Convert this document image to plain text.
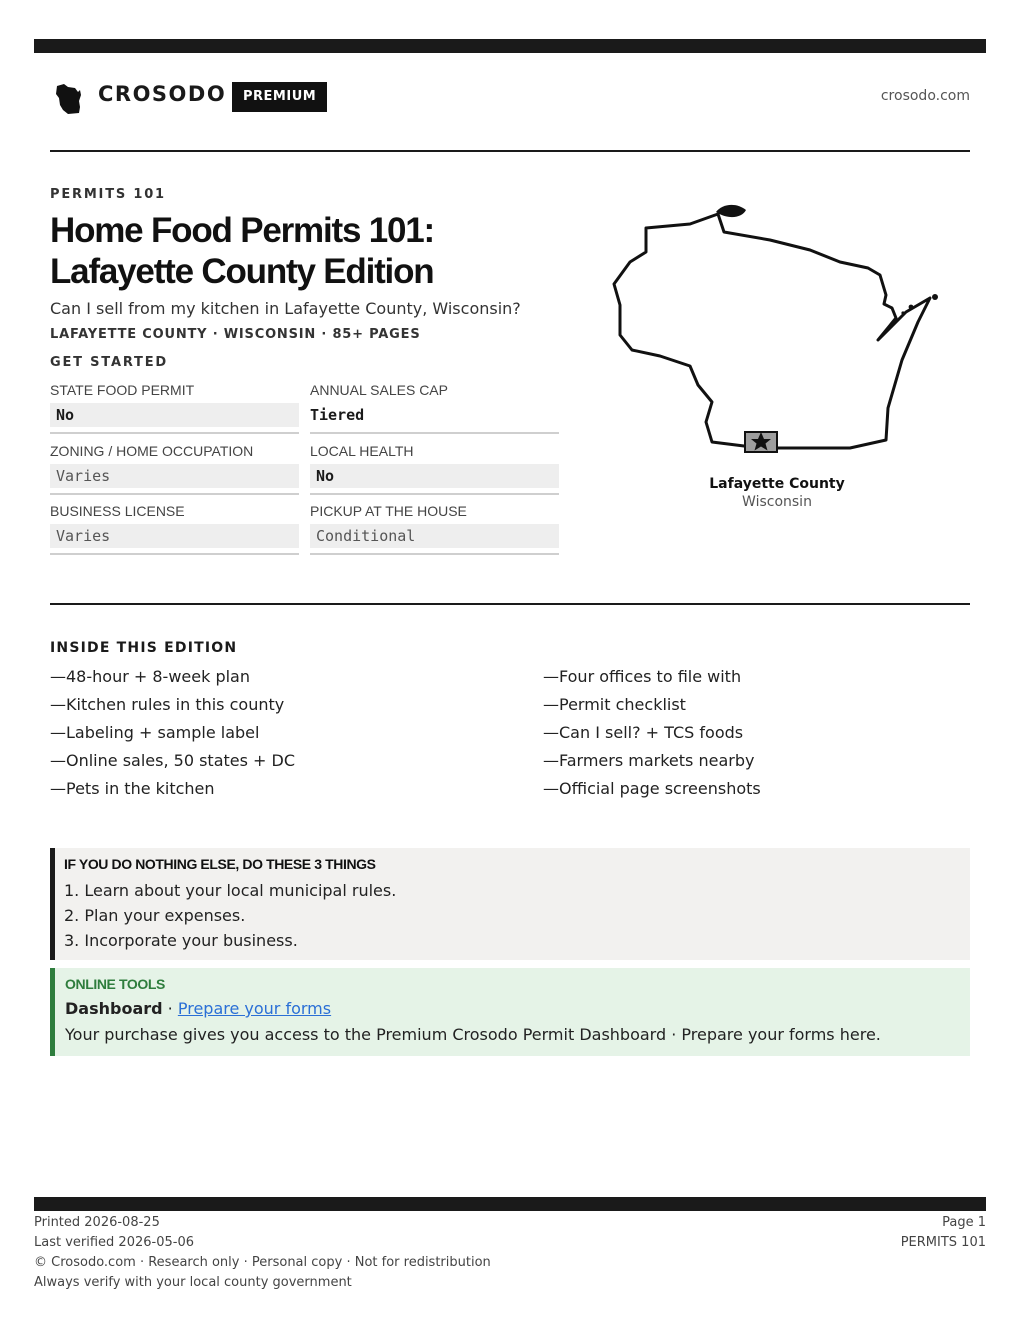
CROSODO	PREMIUM	crosodo.com
PERMITS 101
Home Food Permits 101:
Lafayette County Edition
Can I sell from my kitchen in Lafayette County, Wisconsin?
LAFAYETTE COUNTY · WISCONSIN · 85+ PAGES
GET STARTED
STATE FOOD PERMIT
No
ANNUAL SALES CAP
Tiered
ZONING / HOME OCCUPATION
Varies
LOCAL HEALTH
No
BUSINESS LICENSE
Varies
PICKUP AT THE HOUSE
Conditional
Lafayette County
Wisconsin
INSIDE THIS EDITION
—48-hour + 8-week plan
—Kitchen rules in this county
—Labeling + sample label
—Online sales, 50 states + DC
—Pets in the kitchen
—Four offices to file with
—Permit checklist
—Can I sell? + TCS foods
—Farmers markets nearby
—Official page screenshots
IF YOU DO NOTHING ELSE, DO THESE 3 THINGS
1. Learn about your local municipal rules.
2. Plan your expenses.
3. Incorporate your business.
ONLINE TOOLS
Dashboard · Prepare your forms
Your purchase gives you access to the Premium Crosodo Permit Dashboard · Prepare your forms here.
Printed 2026-08-25
Last verified 2026-05-06
© Crosodo.com · Research only · Personal copy · Not for redistribution
Always verify with your local county government
Page 1
PERMITS 101
